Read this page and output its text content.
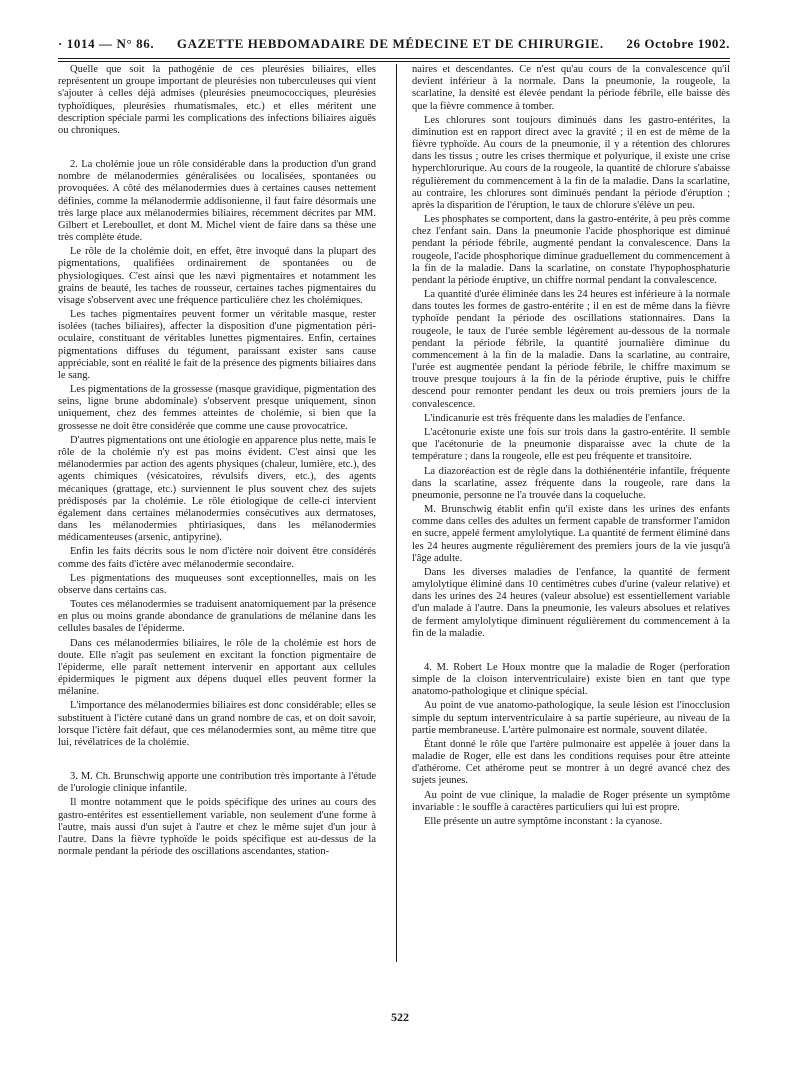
· 1014 — N° 86. GAZETTE HEBDOMADAIRE DE MÉDECINE ET DE CHIRURGIE. 26 Octobre 1902.

Quelle que soit la pathogénie de ces pleurésies biliaires, elles représentent un groupe important de pleurésies non tuberculeuses qui vient s'ajouter à celles déjà admises (pleurésies pneumococciques, pleurésies typhoïdiques, pleurésies rhumatismales, etc.) et elles méritent une description spéciale parmi les complications des infections biliaires aiguës ou chroniques.

2. La cholémie joue un rôle considérable dans la production d'un grand nombre de mélanodermies généralisées ou localisées, spontanées ou provoquées. A côté des mélanodermies dues à certaines causes nettement définies, comme la mélanodermie addisonienne, il faut faire désormais une très large place aux mélanodermies biliaires, récemment décrites par MM. Gilbert et Lereboullet, et dont M. Michel vient de faire dans sa thèse une très complète étude.

Le rôle de la cholémie doit, en effet, être invoqué dans la plupart des pigmentations, qualifiées ordinairement de spontanées ou de physiologiques. C'est ainsi que les nævi pigmentaires et notamment les grains de beauté, les taches de rousseur, certaines taches pigmentaires du visage s'observent avec une fréquence particulière chez les cholémiques.

Les taches pigmentaires peuvent former un véritable masque, rester isolées (taches biliaires), affecter la disposition d'une pigmentation péri-oculaire, constituant de véritables lunettes pigmentaires. Enfin, certaines pigmentations diffuses du tégument, paraissant exister sans cause appréciable, sont en réalité le fait de la présence des pigments biliaires dans le sang.

Les pigmentations de la grossesse (masque gravidique, pigmentation des seins, ligne brune abdominale) s'observent presque uniquement, sinon uniquement, chez des femmes atteintes de cholémie, si bien que la grossesse ne doit être considérée que comme une cause provocatrice.

D'autres pigmentations ont une étiologie en apparence plus nette, mais le rôle de la cholémie n'y est pas moins évident. C'est ainsi que les mélanodermies par action des agents physiques (chaleur, lumière, etc.), des agents chimiques (vésicatoires, révulsifs divers, etc.), des agents mécaniques (grattage, etc.) surviennent le plus souvent chez des sujets prédisposés par la cholémie. Le rôle étiologique de celle-ci intervient également dans certaines mélanodermies consécutives aux dermatoses, dans les mélanodermies phtiriasiques, dans les mélanodermies médicamenteuses (arsenic, antipyrine).

Enfin les faits décrits sous le nom d'ictère noir doivent être considérés comme des faits d'ictère avec mélanodermie secondaire.

Les pigmentations des muqueuses sont exceptionnelles, mais on les observe dans certains cas.

Toutes ces mélanodermies se traduisent anatomiquement par la présence en plus ou moins grande abondance de granulations de mélanine dans les cellules basales de l'épiderme.

Dans ces mélanodermies biliaires, le rôle de la cholémie est hors de doute. Elle n'agit pas seulement en excitant la fonction pigmentaire de l'épiderme, elle paraît nettement intervenir en apportant aux cellules épidermiques le pigment aux dépens duquel elles peuvent former la mélanine.

L'importance des mélanodermies biliaires est donc considérable; elles se substituent à l'ictère cutané dans un grand nombre de cas, et on doit savoir, lorsque l'ictère fait défaut, que ces mélanodermies sont, au même titre que lui, révélatrices de la cholémie.

3. M. Ch. Brunschwig apporte une contribution très importante à l'étude de l'urologie clinique infantile.

Il montre notamment que le poids spécifique des urines au cours des gastro-entérites est essentiellement variable, non seulement d'une forme à l'autre, mais aussi d'un sujet à l'autre et chez le même sujet d'un jour à l'autre. Dans la fièvre typhoïde le poids spécifique est au-dessus de la normale pendant la période des oscillations ascendantes, station-

naires et descendantes. Ce n'est qu'au cours de la convalescence qu'il devient inférieur à la normale. Dans la pneumonie, la rougeole, la scarlatine, la densité est élevée pendant la période fébrile, elle baisse dès que la fièvre commence à tomber.

Les chlorures sont toujours diminués dans les gastro-entérites, la diminution est en rapport direct avec la gravité ; il en est de même de la fièvre typhoïde. Au cours de la pneumonie, il y a rétention des chlorures dans les tissus ; outre les crises thermique et polyurique, il existe une crise hyperchlorurique. Au cours de la rougeole, la quantité de chlorure s'abaisse régulièrement du commencement à la fin de la maladie. Dans la scarlatine, au contraire, les chlorures sont diminués pendant la période d'éruption ; après la disparition de l'éruption, le taux de chlorure s'élève un peu.

Les phosphates se comportent, dans la gastro-entérite, à peu près comme chez l'enfant sain. Dans la pneumonie l'acide phosphorique est diminué pendant la période fébrile, augmenté pendant la convalescence. Dans la rougeole, l'acide phosphorique diminue graduellement du commencement à la fin de la maladie. Dans la scarlatine, on constate l'hypophosphaturie pendant la période éruptive, un chiffre normal pendant la convalescence.

La quantité d'urée éliminée dans les 24 heures est inférieure à la normale dans toutes les formes de gastro-entérite ; il en est de même dans la fièvre typhoïde pendant la période des oscillations stationnaires. Dans la rougeole, le taux de l'urée semble légèrement au-dessous de la normale pendant la période fébrile, la quantité journalière diminue du commencement à la fin de la maladie. Dans la scarlatine, au contraire, l'urée est augmentée pendant la période fébrile, le chiffre maximum se trouve presque toujours à la fin de la période éruptive, puis le chiffre descend pour remonter pendant les deux ou trois premiers jours de la convalescence.

L'indicanurie est très fréquente dans les maladies de l'enfance.

L'acétonurie existe une fois sur trois dans la gastro-entérite. Il semble que l'acétonurie de la pneumonie disparaisse avec la chute de la température ; dans la rougeole, elle est peu fréquente et transitoire.

La diazoréaction est de règle dans la dothiénentérie infantile, fréquente dans la scarlatine, assez fréquente dans la rougeole, rare dans la pneumonie, personne ne l'a trouvée dans la coqueluche.

M. Brunschwig établit enfin qu'il existe dans les urines des enfants comme dans celles des adultes un ferment capable de transformer l'amidon en sucre, appelé ferment amylolytique. La quantité de ferment éliminé dans les 24 heures augmente régulièrement des premiers jours de la vie jusqu'à l'âge adulte.

Dans les diverses maladies de l'enfance, la quantité de ferment amylolytique éliminé dans 10 centimètres cubes d'urine (valeur relative) et dans les urines des 24 heures (valeur absolue) est essentiellement variable d'un malade à l'autre. Dans la pneumonie, les valeurs absolues et relatives de ferment amylolytique diminuent régulièrement du commencement à la fin de la maladie.

4. M. Robert Le Houx montre que la maladie de Roger (perforation simple de la cloison interventriculaire) existe bien en tant que type anatomo-pathologique et clinique spécial.

Au point de vue anatomo-pathologique, la seule lésion est l'inocclusion simple du septum interventriculaire à sa partie supérieure, au niveau de la partie membraneuse. L'artère pulmonaire est normale, souvent dilatée.

Étant donné le rôle que l'artère pulmonaire est appelée à jouer dans la maladie de Roger, elle est dans les conditions requises pour être atteinte d'athérome. Cet athérome peut se montrer à un degré avancé chez des sujets jeunes.

Au point de vue clinique, la maladie de Roger présente un symptôme invariable : le souffle à caractères particuliers qui lui est propre.

Elle présente un autre symptôme inconstant : la cyanose.

522
